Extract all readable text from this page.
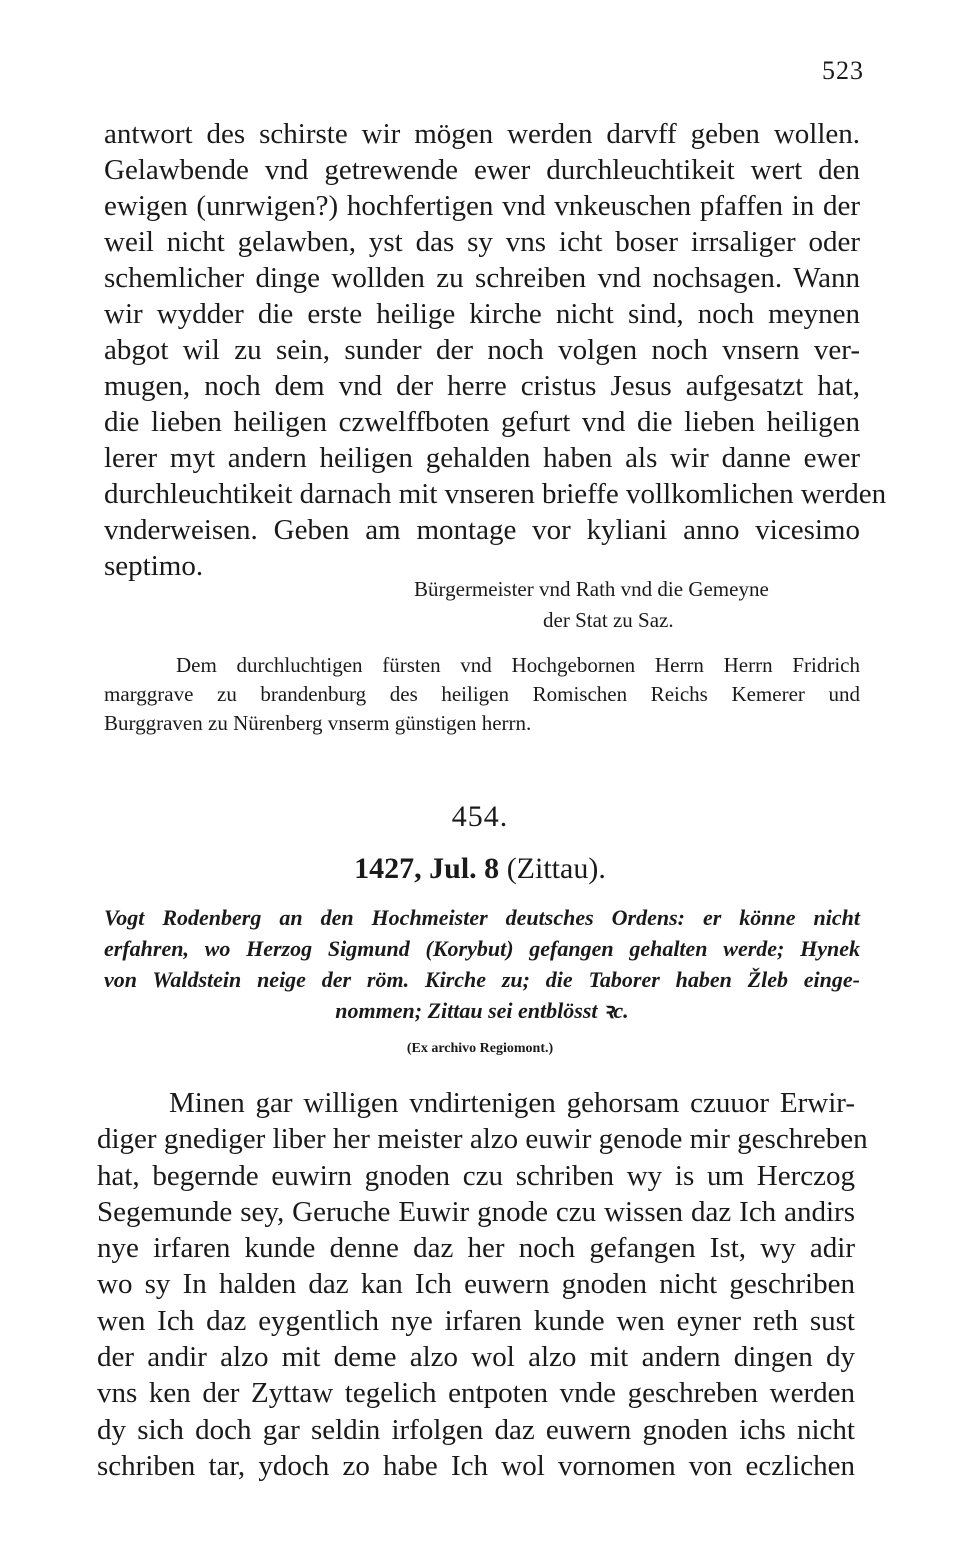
523
antwort des schirste wir mögen werden darvff geben wollen.
Gelawbende vnd getrewende ewer durchleuchtikeit wert den
ewigen (unrwigen?) hochfertigen vnd vnkeuschen pfaffen in der
weil nicht gelawben, yst das sy vns icht boser irrsaliger oder
schemlicher dinge wollden zu schreiben vnd nochsagen. Wann
wir wydder die erste heilige kirche nicht sind, noch meynen
abgot wil zu sein, sunder der noch volgen noch vnsern ver-
mugen, noch dem vnd der herre cristus Jesus aufgesatzt hat,
die lieben heiligen czwelffboten gefurt vnd die lieben heiligen
lerer myt andern heiligen gehalden haben als wir danne ewer
durchleuchtikeit darnach mit vnseren brieffe vollkomlichen werden
vnderweisen. Geben am montage vor kyliani anno vicesimo
septimo.
Bürgermeister vnd Rath vnd die Gemeyne
der Stat zu Saz.
Dem durchluchtigen fürsten vnd Hochgebornen Herrn Herrn Fridrich
marggrave zu brandenburg des heiligen Romischen Reichs Kemerer und
Burggraven zu Nürenberg vnserm günstigen herrn.
454.
1427, Jul. 8 (Zittau).
Vogt Rodenberg an den Hochmeister deutsches Ordens: er könne nicht
erfahren, wo Herzog Sigmund (Korybut) gefangen gehalten werde; Hynek
von Waldstein neige der röm. Kirche zu; die Taborer haben Žleb einge-
nommen; Zittau sei entblösst ꝛc.
(Ex archivo Regiomont.)
Minen gar willigen vndirtenigen gehorsam czuuor Erwir-
diger gnediger liber her meister alzo euwir genode mir geschreben
hat, begernde euwirn gnoden czu schriben wy is um Herczog
Segemunde sey, Geruche Euwir gnode czu wissen daz Ich andirs
nye irfaren kunde denne daz her noch gefangen Ist, wy adir
wo sy In halden daz kan Ich euwern gnoden nicht geschriben
wen Ich daz eygentlich nye irfaren kunde wen eyner reth sust
der andir alzo mit deme alzo wol alzo mit andern dingen dy
vns ken der Zyttaw tegelich entpoten vnde geschreben werden
dy sich doch gar seldin irfolgen daz euwern gnoden ichs nicht
schriben tar, ydoch zo habe Ich wol vornomen von eczlichen
